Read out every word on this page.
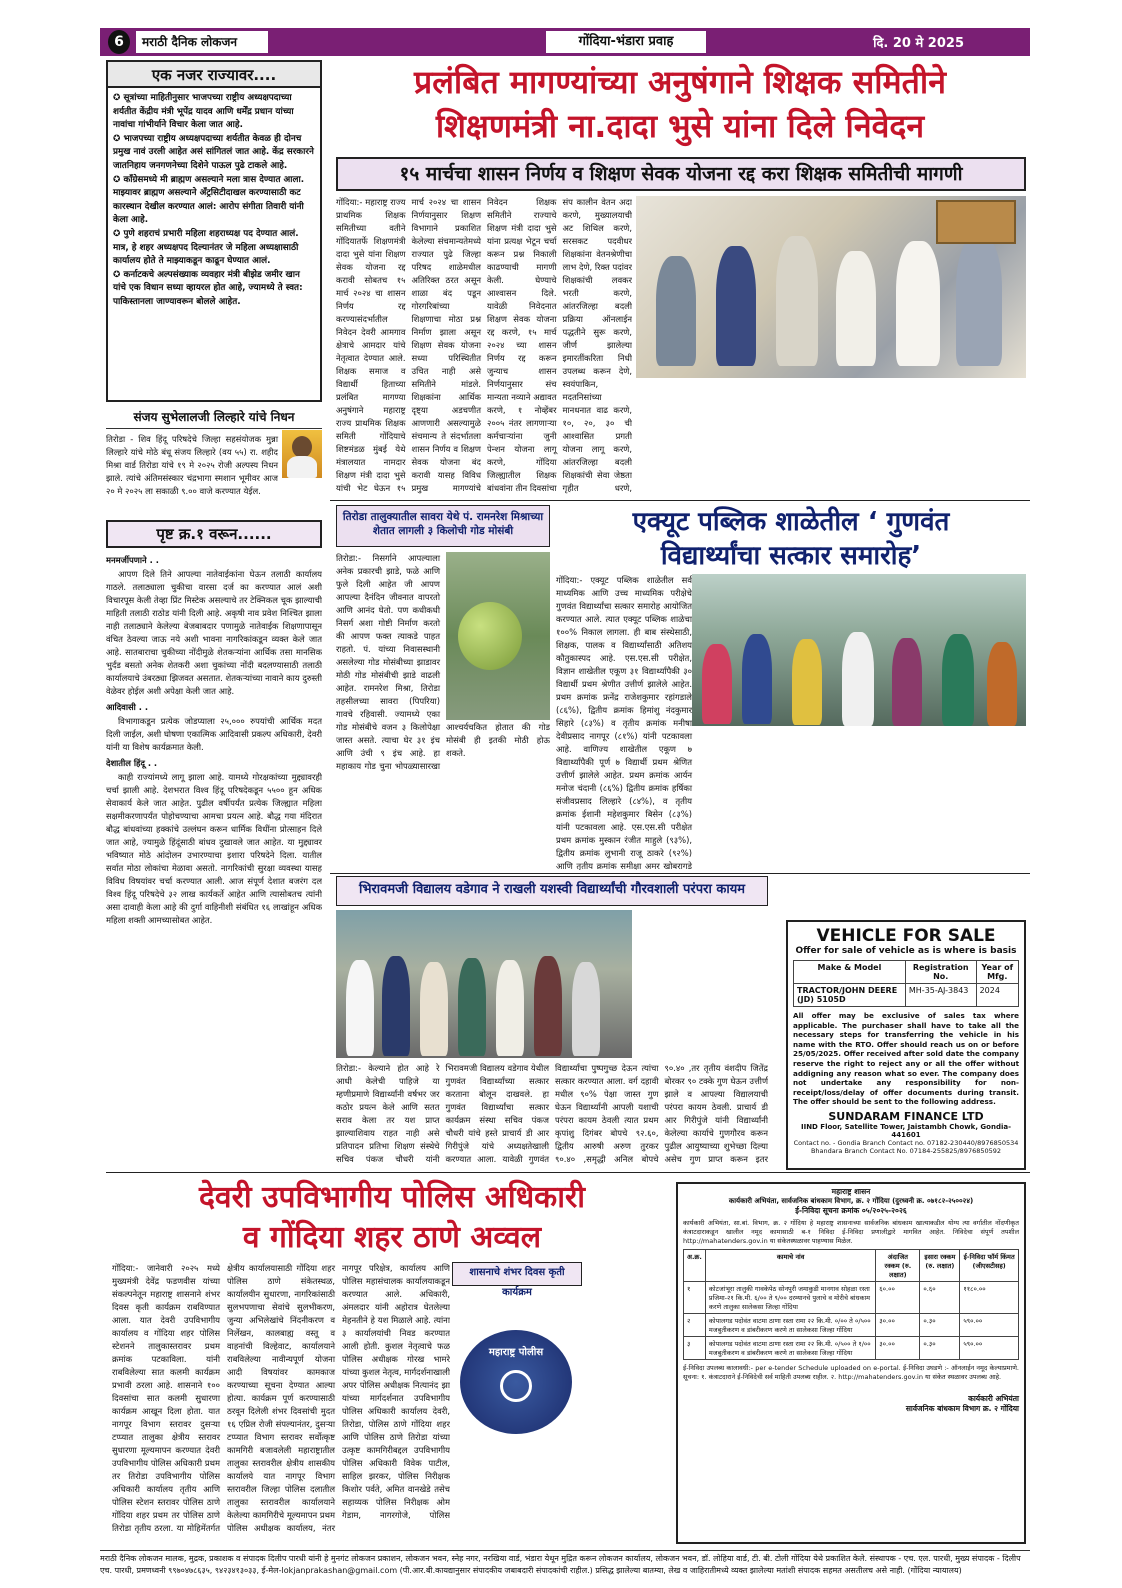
6	मराठी दैनिक लोकजन	गोंदिया-भंडारा प्रवाह	दि. 20 मे 2025
एक नजर राज्यावर....

✪ सूत्रांच्या माहितीनुसार भाजपच्या राष्ट्रीय अध्यक्षपदाच्या शर्यतीत केंद्रीय मंत्री भूपेंद्र यादव आणि धर्मेंद्र प्रधान यांच्या नावांचा गांभीर्याने विचार केला जात आहे.

✪ भाजपच्या राष्ट्रीय अध्यक्षपदाच्या शर्यतीत केवळ ही दोनच प्रमुख नावं उरली आहेत असं सांगितलं जात आहे. केंद्र सरकारने जातनिहाय जनगणनेच्या दिशेने पाऊल पुढे टाकले आहे.

✪ कॉंग्रेसमध्ये मी ब्राह्मण असल्याने मला त्रास देण्यात आला. माझ्यावर ब्राह्मण असल्याने अँट्रसिटीदाखल करण्यासाठी कट कारस्थान देखील करण्यात आलं: आरोप संगीता तिवारी यांनी केला आहे.

✪ पुणे शहराचं प्रभारी महिला शहराध्यक्ष पद देण्यात आलं. मात्र, हे शहर अध्यक्षपद दिल्यानंतर जे महिला अध्यक्षासाठी कार्यालय होते ते माझ्याकडून काढून घेण्यात आलं.

✪ कर्नाटकचे अल्पसंख्याक व्यवहार मंत्री बीझेड जमीर खान यांचे एक विधान सध्या व्हायरल होत आहे, ज्यामध्ये ते स्वत: पाकिस्तानला जाण्यावरून बोलले आहेत.

संजय सुभेलालजी लिल्हारे यांचे निधन
तिरोडा - शिव हिंदू परिषदेचे जिल्हा सहसंयोजक मुन्ना लिल्हारे यांचे मोठे बंधू संजय लिल्हारे (वय ५५) रा. शहीद मिश्रा वार्ड तिरोडा यांचे १९ मे २०२५ रोजी अल्पस्य निधन झाले. त्यांचे अंतिमसंस्कार चंद्रभागा स्मशान भूमीवर आज २० मे २०२५ ला सकाळी ९.०० वाजे करण्यात येईल.
पृष्ट क्र.१ वरून......

मनमर्जीपणाने . .

आपण दिले तिने आपल्या नातेवाईकांना घेऊन तलाठी कार्यालय गाठले. तलाठ्याला चुकीचा वारसा दर्ज का करण्यात आलं अशी विचारपूस केली तेव्हा प्रिंट मिस्टेक असल्याचे तर टेक्निकल चूक झाल्याची माहिती तलाठी राठोड यांनी दिली आहे. अकृषी नाव प्रवेश निश्चित झाला नाही तलाठ्याने केलेल्या बेजबाबदार पणामुळे नातेवाईक शिक्षणापासून वंचित ठेवल्या जाऊ नये अशी भावना नागरिकांकडून व्यक्त केले जात आहे. सातबाराचा चुकीच्या नोंदीमुळे शेतकऱ्यांना आर्थिक तसा मानसिक भुर्दंड बसतो अनेक शेतकरी अशा चुकांच्या नोंदी बदलण्यासाठी तलाठी कार्यालयाचे उंबरठ्या झिजवत असतात. शेतकऱ्यांच्या नावाने काय दुरुस्ती वेळेवर होईल अशी अपेक्षा केली जात आहे.

आदिवासी . .

विभागाकडून प्रत्येक जोडप्याला २५,००० रुपयांची आर्थिक मदत दिली जाईल, अशी घोषणा एकात्मिक आदिवासी प्रकल्प अधिकारी, देवरी यांनी या विशेष कार्यक्रमात केली.

देशातील हिंदू . .

काही राज्यांमध्ये लागू झाला आहे. यामध्ये गोरक्षकांच्या मुद्द्यावरही चर्चा झाली आहे. देशभरात विश्व हिंदू परिषदेकडून ५५०० हून अधिक सेवाकार्य केले जात आहेत. पुढील वर्षीपर्यंत प्रत्येक जिल्ह्यात महिला सक्षमीकरणापर्यंत पोहोचण्याचा आमचा प्रयत्न आहे. बौद्ध गया मंदिरात बौद्ध बांधवांच्या हक्कांचे उल्लंघन करून धार्मिक विधींना प्रोत्साहन दिले जात आहे, ज्यामुळे हिंदूंसाठी बांधव दुखावले जात आहेत. या मुद्द्यावर भविष्यात मोठे आंदोलन उभारण्याचा इशारा परिषदेने दिला. यातील सर्वात मोठा लोकांचा मेळावा असतो. नागरिकांची सुरक्षा व्यवस्था यासह विविध विषयांवर चर्चा करण्यात आली. आज संपूर्ण देशात बजरंग दल विश्व हिंदू परिषदेचे ३२ लाख कार्यकर्ते आहेत आणि त्यासोबतच त्यांनी असा दावाही केला आहे की दुर्गा वाहिनीशी संबंधित १६ लाखांहून अधिक महिला शक्ती आमच्यासोबत आहेत.

प्रलंबित मागण्यांच्या अनुषंगाने शिक्षक समितीने
शिक्षणमंत्री ना.दादा भुसे यांना दिले निवेदन
१५ मार्चचा शासन निर्णय व शिक्षण सेवक योजना रद्द करा शिक्षक समितीची मागणी
गोंदिया:- महाराष्ट्र राज्य प्राथमिक शिक्षक समितीच्या वतीने गोंदियातर्फे शिक्षणमंत्री दादा भुसे यांना शिक्षण सेवक योजना रद्द करावी सोबतच १५ मार्च २०२४ चा शासन निर्णय रद्द करण्यासंदर्भातील निवेदन देवरी आमगाव क्षेत्राचे आमदार यांचे नेतृत्वात देण्यात आले. शिक्षक समाज व विद्यार्थी हिताच्या प्रलंबित मागण्या अनुषंगाने महाराष्ट्र राज्य प्राथमिक शिक्षक समिती गोंदियाचे शिष्टमंडळ मुंबई येथे मंत्रालयात नामदार शिक्षण मंत्री दादा भुसे यांची भेट घेऊन १५ मार्च २०२४ चा शासन निर्णयानुसार शिक्षण विभागाने प्रकाशित केलेल्या संचमान्यतेमध्ये राज्यात पुढे जिल्हा परिषद शाळेमधील अतिरिक्त ठरत असून शाळा बंद पडून गोरगरिबांच्या शिक्षणाचा मोठा प्रश्न निर्माण झाला असून शिक्षण सेवक योजना सध्या परिस्थितीत उचित नाही असे समितीने मांडले. शिक्षकांना आर्थिक दृष्ट्या अडचणीत आणणारी असल्यामुळे संचमान्य ते संदर्भातला शासन निर्णय व शिक्षण सेवक योजना बंद करावी यासह विविध प्रमुख मागण्यांचे निवेदन शिक्षक समितीने राज्याचे शिक्षण मंत्री दादा भुसे यांना प्रत्यक्ष भेटून चर्चा करून प्रश्न निकाली काढण्याची मागणी केली. घेण्याचे आश्वासन दिले. यावेळी निवेदनात शिक्षण सेवक योजना रद्द करणे, १५ मार्च २०२४ च्या शासन निर्णय रद्द करून जुन्याच शासन निर्णयानुसार संच मान्यता नव्याने अद्यावत करणे, १ नोव्हेंबर २००५ नंतर लागणाऱ्या कर्मचाऱ्यांना जुनी पेन्शन योजना लागू करणे, गोंदिया जिल्ह्यातील शिक्षक बांधवांना तीन दिवसांचा संप कालीन वेतन अदा करणे, मुख्यालयाची अट शिथिल करणे, सरसकट पदवीधर शिक्षकांना वेतनश्रेणीचा लाभ देणे, रिक्त पदांवर शिक्षकांची लवकर भरती करणे, आंतरजिल्हा बदली प्रक्रिया ऑनलाईन पद्धतीने सुरू करणे, जीर्ण झालेल्या इमारतींकरिता निधी उपलब्ध करून देणे, स्वयंपाकिन, मदतनिसांच्या मानधनात वाढ करणे, १०, २०, ३० ची आश्वासित प्रगती योजना लागू करणे, आंतरजिल्हा बदली शिक्षकांची सेवा जेष्ठता गृहीत धरणे,
तिरोडा तालुक्यातील सावरा येथे पं. रामनरेश मिश्राच्या शेतात लागली ३ किलोची गोड मोसंबी
तिरोडा:- निसर्गाने आपल्याला अनेक प्रकारची झाडे, फळे आणि फुले दिली आहेत जी आपण आपल्या दैनंदिन जीवनात वापरतो आणि आनंद घेतो. पण कधीकधी निसर्ग अशा गोष्टी निर्माण करतो की आपण फक्त त्याकडे पाहत राहतो. पं. यांच्या निवासस्थानी असलेल्या गोड मोसंबीच्या झाडावर मोठी गोड मोसंबीची झाडे वाढली आहेत. रामनरेश मिश्रा, तिरोडा तहसीलच्या सावरा (पिपरिया) गावचे रहिवासी. ज्यामध्ये एका गोड मोसंबीचे वजन ३ किलोपेक्षा जास्त असते. त्याचा घेर ३१ इंच आणि उंची ९ इंच आहे. हा महाकाय गोड चुना भोपळ्यासारखा आश्चर्यचकित होतात की गोड मोसंबी ही इतकी मोठी होऊ शकते.
एक्यूट पब्लिक शाळेतील ‘ गुणवंत
विद्यार्थ्यांचा सत्कार समारोह’
गोंदिया:- एक्यूट पब्लिक शाळेतील सर्व माध्यमिक आणि उच्च माध्यमिक परीक्षेचे गुणवंत विद्यार्थ्यांचा सत्कार समारोह आयोजित करण्यात आले. त्यात एक्यूट पब्लिक शाळेचा १००% निकाल लागला. ही बाब संस्थेसाठी, शिक्षक, पालक व विद्यार्थ्यांसाठी अतिशय कौतुकास्पद आहे. एस.एस.सी परीक्षेत, विज्ञान शाखेतील एकूण ३१ विद्यार्थ्यांपैकी ३० विद्यार्थी प्रथम श्रेणीत उत्तीर्ण झालेले आहेत. प्रथम क्रमांक फ्रनेंद्र राजेशकुमार रहांगडाले (८६%), द्वितीय क्रमांक हिमांशु नंदकुमार सिहारे (८३%) व तृतीय क्रमांक मनीषा देवीप्रसाद नागपूर (८१%) यांनी पटकावला आहे. वाणिज्य शाखेतील एकूण ७ विद्यार्थ्यांपैकी पूर्ण ७ विद्यार्थी प्रथम श्रेणित उत्तीर्ण झालेले आहेत. प्रथम क्रमांक आर्यन मनोज चंदानी (८६%) द्वितीय क्रमांक हर्षिका संजीवप्रसाद लिल्हारे (८४%), व तृतीय क्रमांक ईशानी महेशकुमार बिसेन (८३%) यांनी पटकावला आहे. एस.एस.सी परीक्षेत प्रथम क्रमांक मुस्कान रंजीत माहुले (९३%), द्वितीय क्रमांक लुभानी राजू ठाकरे (९२%) आणि तृतीय क्रमांक समीक्षा अमर खोबरागडे
भिरावमजी विद्यालय वडेगाव ने राखली यशस्वी विद्यार्थ्यांची गौरवशाली परंपरा कायम
तिरोडा:- केल्याने होत आहे रे आधी केलेची पाहिजे या म्हणीप्रमाणे विद्यार्थ्यांनी वर्षभर जर कठोर प्रयत्न केले आणि सतत सराव केला तर यश प्राप्त झाल्याशिवाय राहत नाही असे प्रतिपादन प्रतिभा शिक्षण संस्थेचे सचिव पंकज चौधरी यांनी भिरावमजी विद्यालय वडेगाव येथील गुणवंत विद्यार्थ्यांच्या सत्कार करताना बोलून दाखवले. हा गुणवंत विद्यार्थ्यांचा सत्कार कार्यक्रम संस्था सचिव पंकज चौधरी यांचे हस्ते प्राचार्य डी आर गिरीपुंजे यांचे अध्यक्षतेखाली करण्यात आला. यावेळी गुणवंत विद्यार्थ्यांचा पुष्पगुच्छ देऊन त्यांचा सत्कार करण्यात आला. वर्ग दहावी मधील ९०% पेक्षा जास्त गुण घेऊन विद्यार्थ्यांनी आपली यशाची परंपरा कायम ठेवली त्यात प्रथम कृपांशु दिगंबर बोपचे ९२.६०, द्वितीय आरुषी अरुण तुरकर ९०.४० ,समृद्धी अनिल बोपचे ९०.४० ,तर तृतीय वंशदीप जितेंद्र बोरकर ९० टक्के गुण घेऊन उत्तीर्ण झाले व आपल्या विद्यालयाची परंपरा कायम ठेवली. प्राचार्य डी आर गिरीपुंजे यांनी विद्यार्थ्यांनी केलेल्या कार्याचे गुणगौरव करून पुढील आयुष्याच्या शुभेच्छा दिल्या असेच गुण प्राप्त करून इतर
VEHICLE FOR SALE
Offer for sale of vehicle as is where is basis
Make & Model	Registration No.	Year of Mfg.
TRACTOR/JOHN DEERE (JD) 5105D	MH-35-AJ-3843	2024
All offer may be exclusive of sales tax where applicable. The purchaser shall have to take all the necessary steps for transferring the vehicle in his name with the RTO. Offer should reach us on or before 25/05/2025. Offer received after sold date the company reserve the right to reject any or all the offer without addigning any reason what so ever. The company does not undertake any responsibility for non-receipt/loss/delay of offer documents during transit. The offer should be sent to the following address.
SUNDARAM FINANCE LTD
IIND Floor, Satellite Tower, Jaistambh Chowk, Gondia- 441601
Contact no. - Gondia Branch Contact no. 07182-230440/8976850534
Bhandara Branch Contact No. 07184-255825/8976850592
देवरी उपविभागीय पोलिस अधिकारी
व गोंदिया शहर ठाणे अव्वल
गोंदिया:- जानेवारी २०२५ मध्ये मुख्यमंत्री देवेंद्र फडणवीस यांच्या संकल्पनेतून महाराष्ट्र शासनाने शंभर दिवस कृती कार्यक्रम राबविण्यात आला. यात देवरी उपविभागीय कार्यालय व गोंदिया शहर पोलिस स्टेशनने तालुकास्तरावर प्रथम क्रमांक पटकाविला. यांनी राबविलेल्या सात कलमी कार्यक्रम प्रभावी ठरला आहे. शासनाने १०० दिवसांचा सात कलमी सुधारणा कार्यक्रम आखून दिला होता. यात नागपूर विभाग स्तरावर दुसऱ्या टप्प्यात तालुका क्षेत्रीय स्तरावर सुधारणा मूल्यमापन करण्यात देवरी उपविभागीय पोलिस अधिकारी प्रथम तर तिरोडा उपविभागीय पोलिस अधिकारी कार्यालय तृतीय आणि पोलिस स्टेशन स्तरावर पोलिस ठाणे गोंदिया शहर प्रथम तर पोलिस ठाणे तिरोडा तृतीय ठरला. या मोहिमेंतर्गत क्षेत्रीय कार्यालयासाठी गोंदिया शहर पोलिस ठाणे संकेतस्थळ, कार्यालयीन सुधारणा, नागरिकांसाठी सुलभपणाचा सेवांचे सुलभीकरण, जुन्या अभिलेखांचे निंदनीकरण व निर्लेखन, कालबाह्य वस्तू व वाहनांची विल्हेवाट, कार्यालयाने राबविलेल्या नावीन्यपूर्ण योजना आदी विषयांवर कामकाज करण्याच्या सूचना देण्यात आल्या होत्या. कार्यक्रम पूर्ण करण्यासाठी ठरवून दिलेली शंभर दिवसांची मुदत १६ एप्रिल रोजी संपल्यानंतर, दुसऱ्या टप्प्यात विभाग स्तरावर सर्वोत्कृष्ट कामगिरी बजावलेली महाराष्ट्रातील तालुका स्तरावरील क्षेत्रीय शासकीय कार्यालये यात नागपूर विभाग स्तरावरील जिल्हा पोलिस दलातील तालुका स्तरावरील कार्यालयाने केलेल्या कामगिरीचे मूल्यमापन प्रथम पोलिस अधीक्षक कार्यालय, नंतर नागपूर परिक्षेत्र, कार्यालय आणि पोलिस महासंचालक कार्यालयाकडून करण्यात आले. अधिकारी, अंमलदार यांनी अहोरात्र घेतलेल्या मेहनतीने हे यश मिळाले आहे. त्यांना ३ कार्यालयांची निवड करण्यात आली होती. कुशल नेतृत्वाचे फळ पोलिस अधीक्षक गोरख भामरे यांच्या कुशल नेतृत्व, मार्गदर्शनाखाली अपर पोलिस अधीक्षक नित्यानंद झा यांच्या मार्गदर्शनात उपविभागीय पोलिस अधिकारी कार्यालय देवरी, तिरोडा, पोलिस ठाणे गोंदिया शहर आणि पोलिस ठाणे तिरोडा यांच्या उत्कृष्ट कामगिरीबद्दल उपविभागीय पोलिस अधिकारी विवेक पाटील, साहिल झरकर, पोलिस निरीक्षक किशोर पर्वते, अमित वानखेडे तसेच सहाय्यक पोलिस निरीक्षक ओम गेडाम, नागरगोजे, पोलिस
शासनाचे शंभर दिवस कृती कार्यक्रम
महाराष्ट्र पोलीस
महाराष्ट्र शासन
कार्यकारी अभियंता, सार्वजनिक बांधकाम विभाग, क्र. २ गोंदिया (दुरध्वनी क्र. ०७१८२-२५००२४)
ई-निविदा सूचना क्रमांक ०५/२०२५-२०२६
कार्यकारी अभियंता, सा.बां. विभाग, क्र. २ गोंदिया हे महाराष्ट्र शासनाच्या सार्वजनिक बांधकाम खात्याकडील योग्य त्या वर्गातील नोंदणीकृत कंत्राटदाराकडून खालील नमूद कामासाठी ब-१ निविदा ई-निविदा प्रणालीद्वारे मागवित आहेत. निविदेचा संपूर्ण तपशील http://mahatenders.gov.in या संकेतस्थळावर पाहण्यास मिळेल.
अ.क्र.	कामाचे नांव	अंदाजित रक्कम (रु. लक्षात)	इसारा रक्कम (रु. लक्षात)	ई-निविदा फॉर्म किंमत (जीएसटीसह)
१	कोटजांभूरा तालुकी गावकेपेठ सोनपुरी जमाकुडी मानगाव सोहळा रस्ता प्रजिमा-२१ कि.मी. ६/०० ते ९/०० दरम्यानचे पुलाचे व मोरीचे बांधकाम करणे तालुका सालेकसा जिल्हा गोंदिया	६०.००	०.६०	११८०.००
२	कोपालगड पदोवंत वाटमा ठाणा रस्ता रामा २२ कि.मी. ०/०० ते ०/५०० मजबुतीकरण व डांबरीकरण करणे ता सालेकसा जिल्हा गोंदिया	३०.००	०.३०	५९०.००
३	कोपालगड पदोवंत वाटमा ठाणा रस्ता रामा २२ कि.मी. ०/५०० ते १/०० मजबुतीकरण व डांबरीकरण करणे ता सालेकसा जिल्हा गोंदिया	३०.००	०.३०	५९०.००
ई-निविदा उपलब्ध कालावधी:- per e-tender Schedule uploaded on e-portal. ई-निविदा उघडणे :- ऑनलाईन नमूद केल्याप्रमाणे. सूचना: १. कंत्राटदाराने ई-निविदेची सर्व माहिती उपलब्ध राहील. २. http://mahatenders.gov.in या संकेत स्थळावर उपलब्ध आहे.
कार्यकारी अभियंता
सार्वजनिक बांधकाम विभाग क्र. २ गोंदिया
मराठी दैनिक लोकजन मालक, मुद्रक, प्रकाशक व संपादक दिलीप पारधी यांनी हे मुनगंट लोकजन प्रकाशन, लोकजन भवन, स्नेह नगर, नरखिया वार्ड, भंडारा येथून मुद्रित करून लोकजन कार्यालय, लोकजन भवन, डॉ. लोहिया वार्ड, टी. बी. टोली गोंदिया येथे प्रकाशित केले. संस्थापक - एच. एल. पारधी, मुख्य संपादक - दिलीप एच. पारधी, प्रमणध्वनी ९९७०४७८६३५, ९४२३४१३०३३, ई-मेल-lokjanprakashan@gmail.com (पी.आर.बी.कायद्यानुसार संपादकीय जबाबदारी संपादकांची राहील.) प्रसिद्ध झालेल्या बातम्या, लेख व जाहिरातीमध्ये व्यक्त झालेल्या मतांशी संपादक सहमत असतीलच असे नाही. (गोंदिया न्यायालय)
